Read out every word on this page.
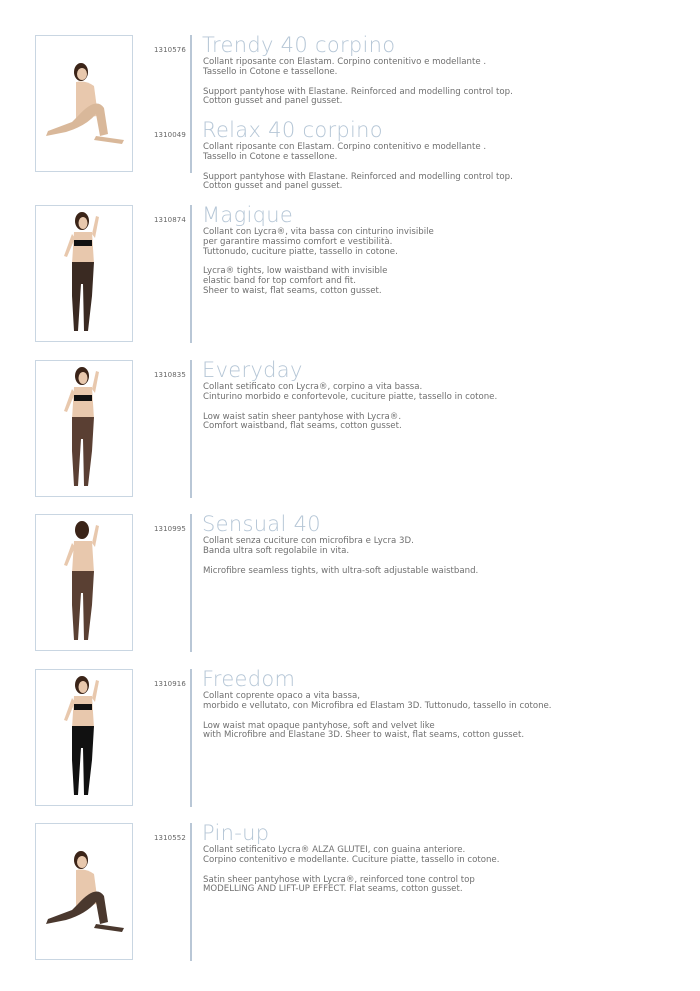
1310576 Trendy 40 corpino
Collant riposante con Elastam. Corpino contenitivo e modellante .
Tassello in Cotone e tassellone.
Support pantyhose with Elastane. Reinforced and modelling control top.
Cotton gusset and panel gusset.
1310049 Relax 40 corpino
Collant riposante con Elastam. Corpino contenitivo e modellante .
Tassello in Cotone e tassellone.
Support pantyhose with Elastane. Reinforced and modelling control top.
Cotton gusset and panel gusset.
1310874 Magique
Collant con Lycra®, vita bassa con cinturino invisibile
per garantire massimo comfort e vestibilità.
Tuttonudo, cuciture piatte, tassello in cotone.
Lycra® tights, low waistband with invisible
elastic band for top comfort and fit.
Sheer to waist, flat seams, cotton gusset.
1310835 Everyday
Collant setificato con Lycra®, corpino a vita bassa.
Cinturino morbido e confortevole, cuciture piatte, tassello in cotone.
Low waist satin sheer pantyhose with Lycra®.
Comfort waistband, flat seams, cotton gusset.
1310995 Sensual 40
Collant senza cuciture con microfibra e Lycra 3D.
Banda ultra soft regolabile in vita.
Microfibre seamless tights, with ultra-soft adjustable waistband.
1310916 Freedom
Collant coprente opaco a vita bassa,
morbido e vellutato, con Microfibra ed Elastam 3D. Tuttonudo, tassello in cotone.
Low waist mat opaque pantyhose, soft and velvet like
with Microfibre and Elastane 3D. Sheer to waist, flat seams, cotton gusset.
1310552 Pin-up
Collant setificato Lycra® ALZA GLUTEI, con guaina anteriore.
Corpino contenitivo e modellante. Cuciture piatte, tassello in cotone.
Satin sheer pantyhose with Lycra®, reinforced tone control top
MODELLING AND LIFT-UP EFFECT. Flat seams, cotton gusset.
